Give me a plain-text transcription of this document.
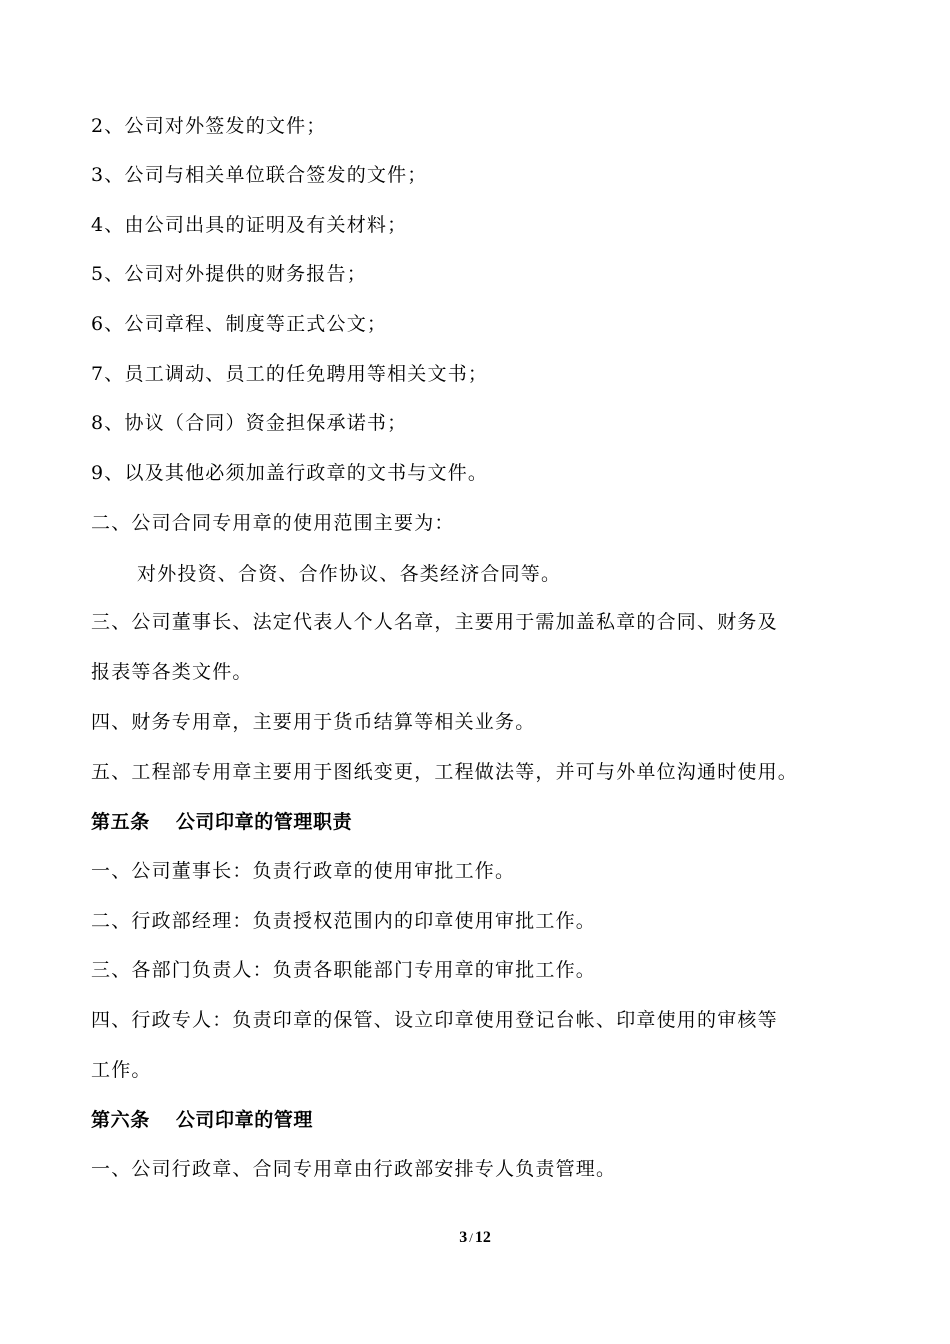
2、公司对外签发的文件；
3、公司与相关单位联合签发的文件；
4、由公司出具的证明及有关材料；
5、公司对外提供的财务报告；
6、公司章程、制度等正式公文；
7、员工调动、员工的任免聘用等相关文书；
8、协议（合同）资金担保承诺书；
9、以及其他必须加盖行政章的文书与文件。
二、公司合同专用章的使用范围主要为：
对外投资、合资、合作协议、各类经济合同等。
三、公司董事长、法定代表人个人名章，主要用于需加盖私章的合同、财务及
报表等各类文件。
四、财务专用章，主要用于货币结算等相关业务。
五、工程部专用章主要用于图纸变更，工程做法等，并可与外单位沟通时使用。
第五条 公司印章的管理职责
一、公司董事长：负责行政章的使用审批工作。
二、行政部经理：负责授权范围内的印章使用审批工作。
三、各部门负责人：负责各职能部门专用章的审批工作。
四、行政专人：负责印章的保管、设立印章使用登记台帐、印章使用的审核等
工作。
第六条 公司印章的管理
一、公司行政章、合同专用章由行政部安排专人负责管理。
3 / 12
